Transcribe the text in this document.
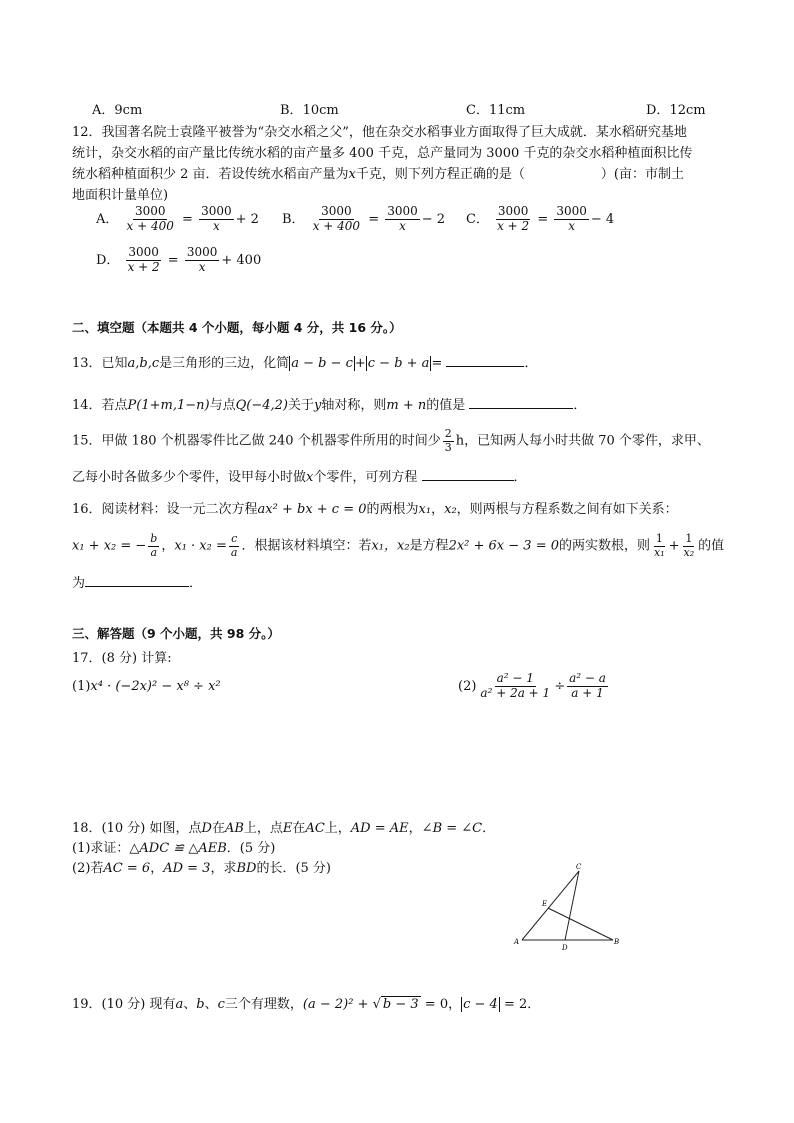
A．9cm	B．10cm	C．11cm	D．12cm
12．我国著名院士袁隆平被誉为“杂交水稻之父”，他在杂交水稻事业方面取得了巨大成就．某水稻研究基地
统计，杂交水稻的亩产量比传统水稻的亩产量多 400 千克，总产量同为 3000 千克的杂交水稻种植面积比传
统水稻种植面积少 2 亩．若设传统水稻亩产量为x千克，则下列方程正确的是（	）(亩：市制土
地面积计量单位)
A． $\frac{3000}{x + 400} = \frac{3000}{x} + 2$ B． $\frac{3000}{x + 400} = \frac{3000}{x} - 2$ C． $\frac{3000}{x + 2} = \frac{3000}{x} - 4$
D． $\frac{3000}{x + 2} = \frac{3000}{x} + 400$
二、填空题（本题共 4 个小题，每小题 4 分，共 16 分。）
13．已知a,b,c是三角形的三边，化简 a − b − c + c − b + a =	．
14．若点P(1+m,1−n)与点Q(−4,2)关于y轴对称，则m + n的值是	．
15．甲做 180 个机器零件比乙做 240 个机器零件所用的时间少 $\frac{2}{3}$ h，已知两人每小时共做 70 个零件，求甲、
乙每小时各做多少个零件，设甲每小时做x个零件，可列方程	．
16．阅读材料：设一元二次方程ax² + bx + c = 0的两根为x₁，x₂，则两根与方程系数之间有如下关系：
x₁ + x₂ = − $\frac{b}{a}$ ，$x_1 \cdot x_2 = \frac{c}{a}$ ．根据该材料填空：若x₁，x₂是方程2x² + 6x − 3 = 0的两实数根，则 $\frac{1}{\text{x₁}} + \frac{1}{\text{x₂}}$ 的值
为	．
三、解答题（9 个小题，共 98 分。）
17．(8 分) 计算:
(1)x⁴ · (−2x)² − x⁸ ÷ x²	$(2) \frac{\text{a² − 1}}{\text{a² + 2a + 1}} \div \frac{\text{a² − a}}{a + 1}$
18．(10 分) 如图，点D在AB上，点E在AC上，AD = AE，∠B = ∠C．
(1)求证：△ADC ≌ △AEB．(5 分)
(2)若AC = 6，AD = 3，求BD的长．(5 分)
A	B
C
D
E
19．(10 分) 现有a、b、c三个有理数，(a − 2)² + √ b − 3 = 0， c − 4 = 2．
